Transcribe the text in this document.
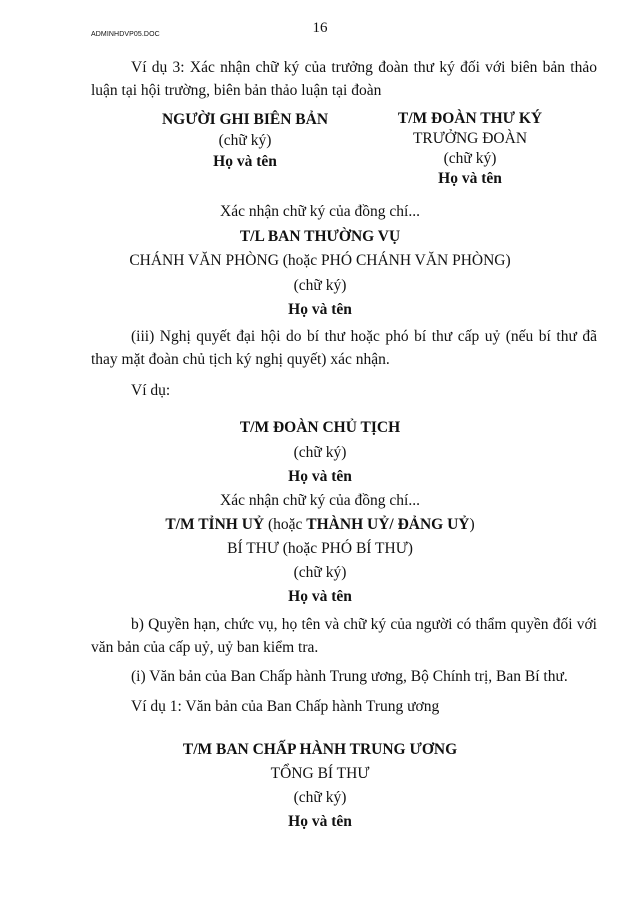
ADMINHDVP05.DOC	16
Ví dụ 3: Xác nhận chữ ký của trưởng đoàn thư ký đối với biên bản thảo luận tại hội trường, biên bản thảo luận tại đoàn
NGƯỜI GHI BIÊN BẢN
(chữ ký)
Họ và tên
T/M ĐOÀN THƯ KÝ
TRƯỞNG ĐOÀN
(chữ ký)
Họ và tên
Xác nhận chữ ký của đồng chí...
T/L BAN THƯỜNG VỤ
CHÁNH VĂN PHÒNG (hoặc PHÓ CHÁNH VĂN PHÒNG)
(chữ ký)
Họ và tên
(iii) Nghị quyết đại hội do bí thư hoặc phó bí thư cấp uỷ (nếu bí thư đã thay mặt đoàn chủ tịch ký nghị quyết) xác nhận.
Ví dụ:
T/M ĐOÀN CHỦ TỊCH
(chữ ký)
Họ và tên
Xác nhận chữ ký của đồng chí...
T/M TỈNH UỶ (hoặc THÀNH UỶ/ ĐẢNG UỶ)
BÍ THƯ (hoặc PHÓ BÍ THƯ)
(chữ ký)
Họ và tên
b) Quyền hạn, chức vụ, họ tên và chữ ký của người có thẩm quyền đối với văn bản của cấp uỷ, uỷ ban kiểm tra.
(i) Văn bản của Ban Chấp hành Trung ương, Bộ Chính trị, Ban Bí thư.
Ví dụ 1: Văn bản của Ban Chấp hành Trung ương
T/M BAN CHẤP HÀNH TRUNG ƯƠNG
TỔNG BÍ THƯ
(chữ ký)
Họ và tên
